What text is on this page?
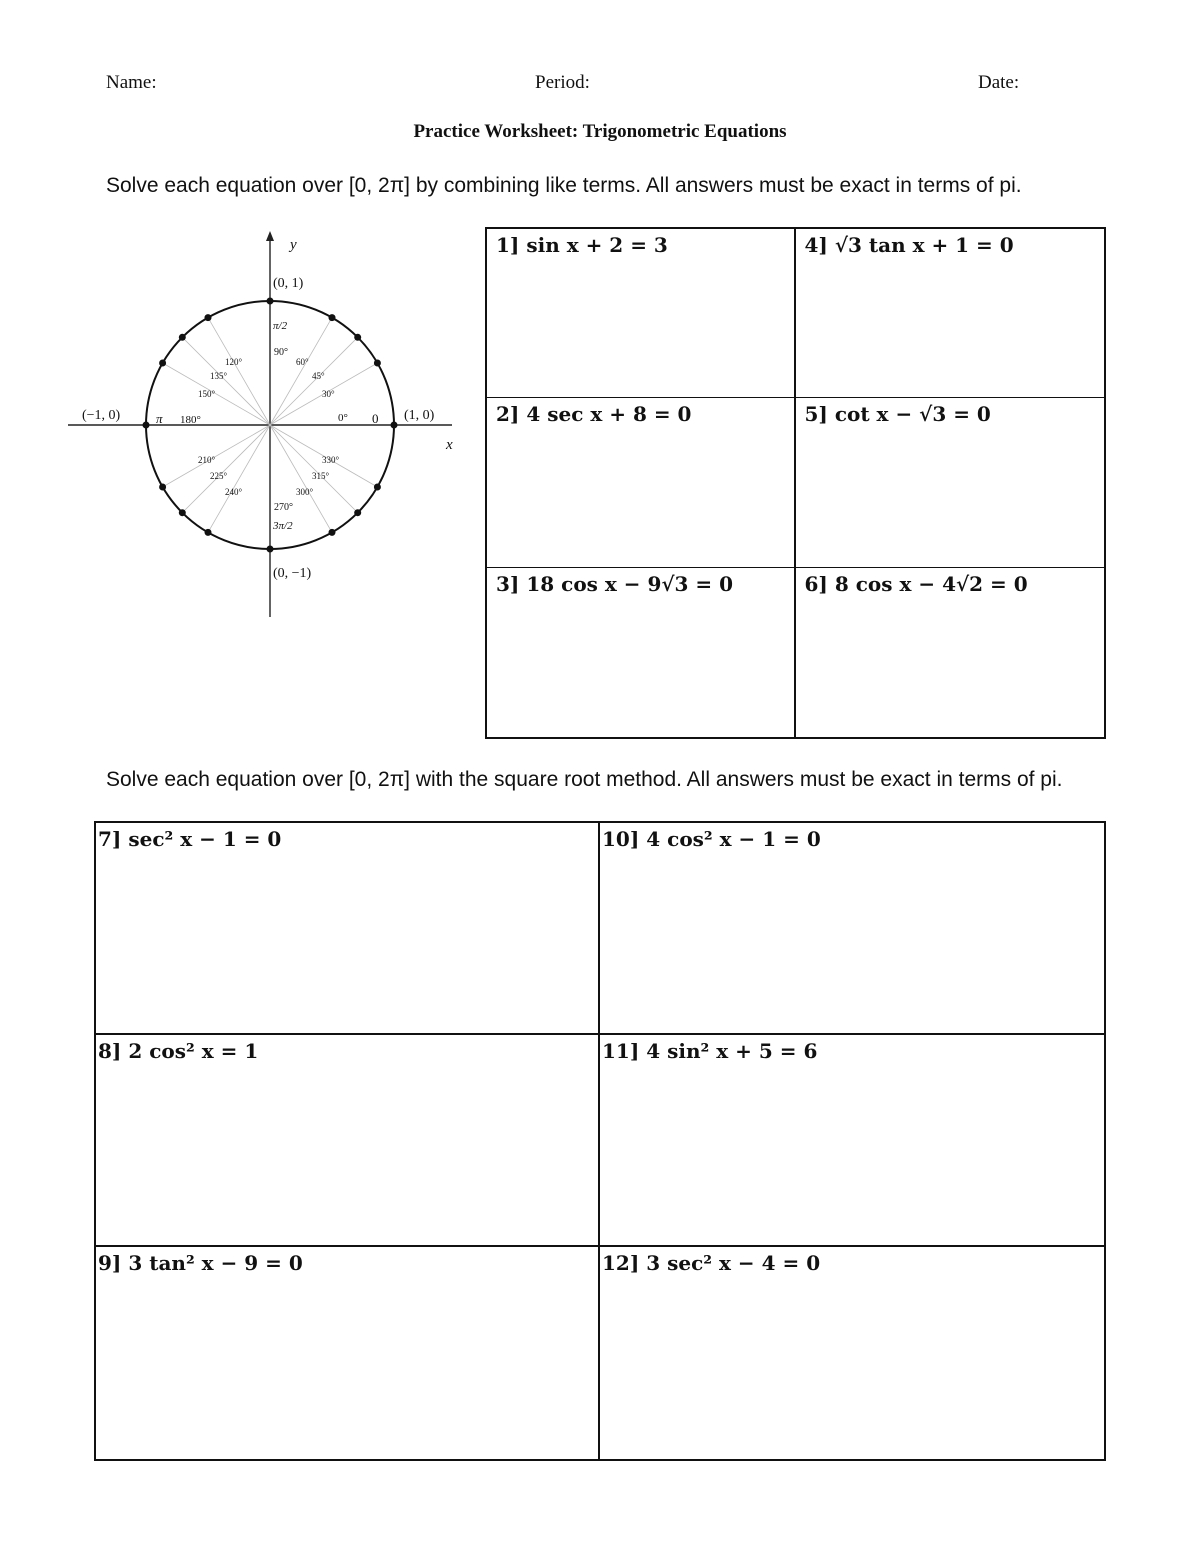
Name:	Period:	Date:
Practice Worksheet: Trigonometric Equations
Solve each equation over [0, 2π] by combining like terms. All answers must be exact in terms of pi.
y
x
(0, 1)
(−1, 0)	(1, 0)
(0, −1)
π 180°	0° 0
π/2
90°
270°
3π/2
30°
45°
60°
120°
135°
150°
210°
225°
240°	300°
315°
330°
1] sin x + 2 = 3	4] √3 tan x + 1 = 0
2] 4 sec x + 8 = 0	5] cot x − √3 = 0
3] 18 cos x − 9√3 = 0	6] 8 cos x − 4√2 = 0
Solve each equation over [0, 2π] with the square root method. All answers must be exact in terms of pi.
7] sec² x − 1 = 0	10] 4 cos² x − 1 = 0
8] 2 cos² x = 1	11] 4 sin² x + 5 = 6
9] 3 tan² x − 9 = 0	12] 3 sec² x − 4 = 0
